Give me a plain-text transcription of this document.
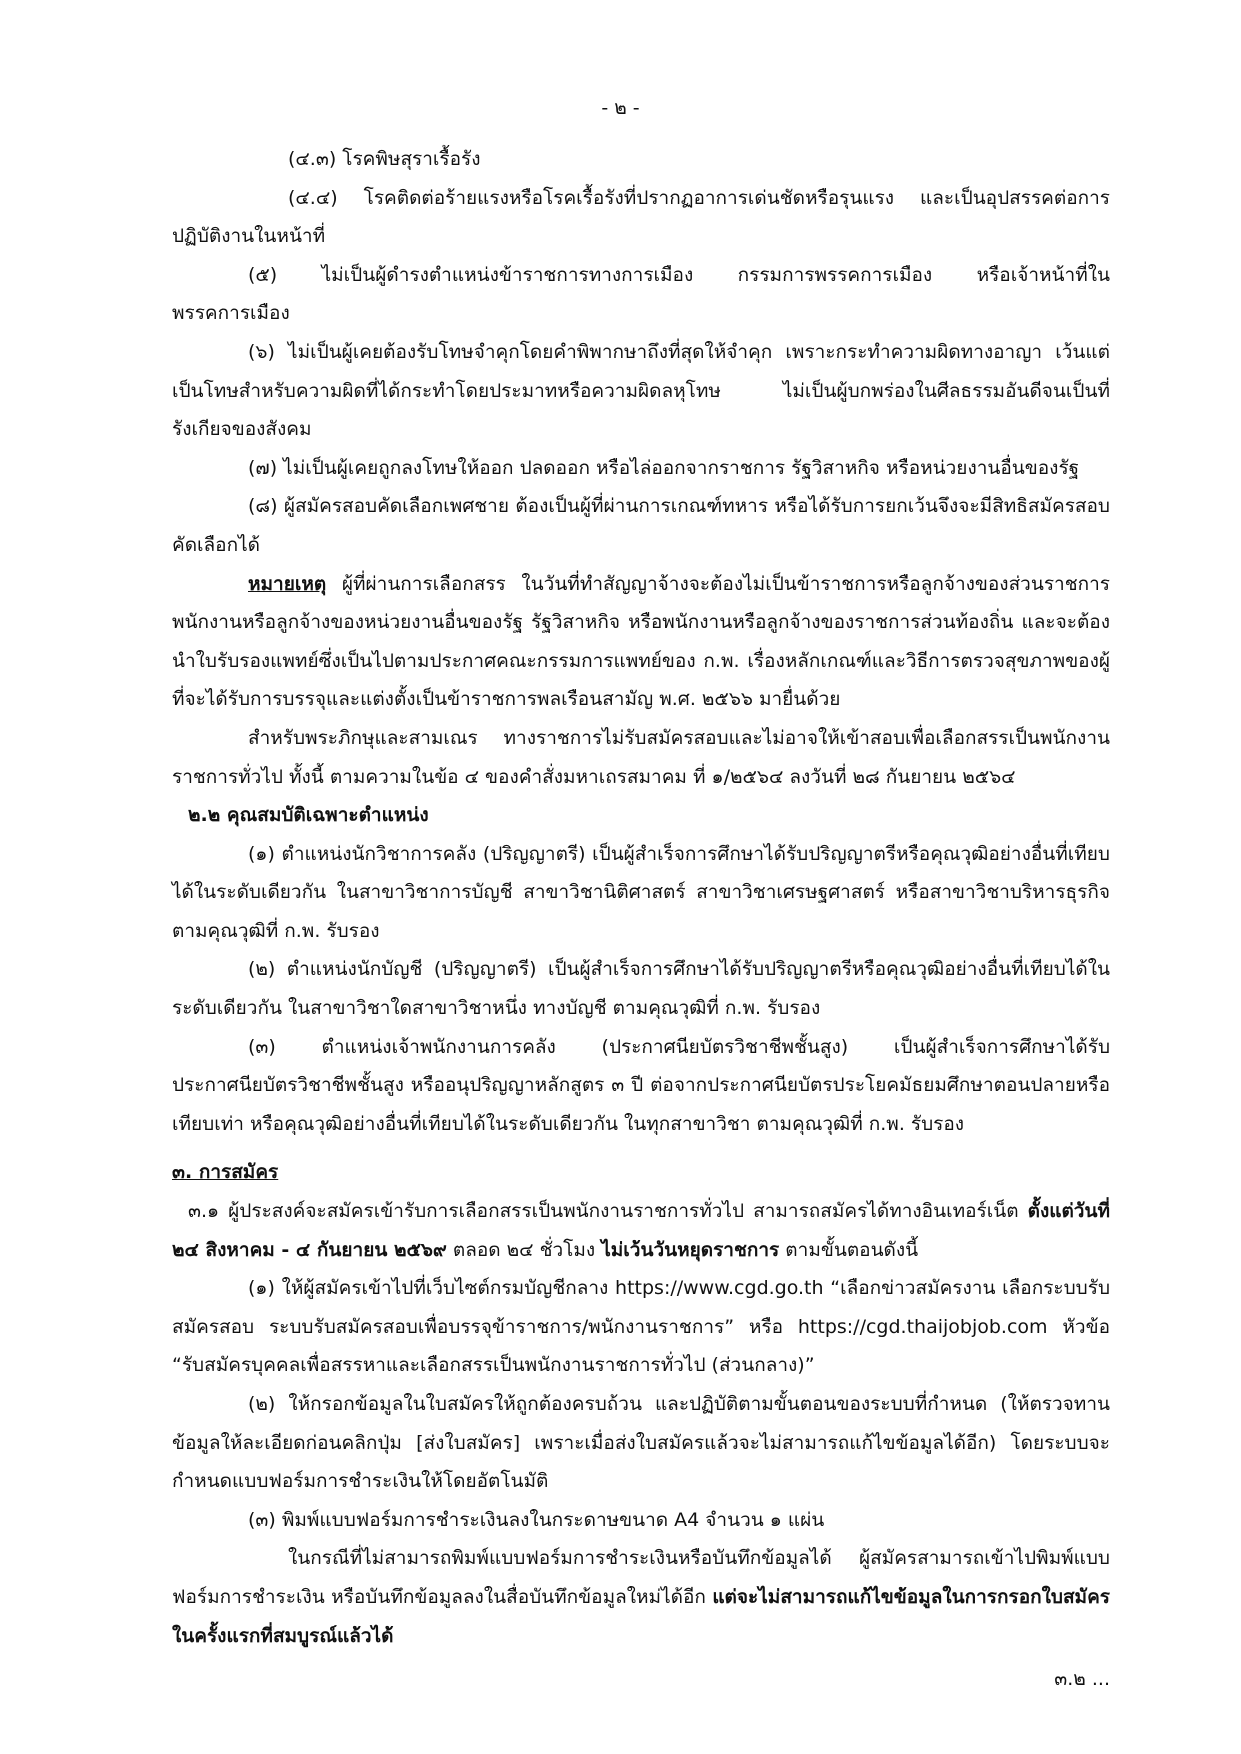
- ๒ -

(๔.๓) โรคพิษสุราเรื้อรัง

(๔.๔) โรคติดต่อร้ายแรงหรือโรคเรื้อรังที่ปรากฏอาการเด่นชัดหรือรุนแรง และเป็นอุปสรรคต่อการปฏิบัติงานในหน้าที่

(๕) ไม่เป็นผู้ดำรงตำแหน่งข้าราชการทางการเมือง กรรมการพรรคการเมือง หรือเจ้าหน้าที่ในพรรคการเมือง

(๖) ไม่เป็นผู้เคยต้องรับโทษจำคุกโดยคำพิพากษาถึงที่สุดให้จำคุก เพราะกระทำความผิดทางอาญา เว้นแต่เป็นโทษสำหรับความผิดที่ได้กระทำโดยประมาทหรือความผิดลหุโทษ ไม่เป็นผู้บกพร่องในศีลธรรมอันดีจนเป็นที่รังเกียจของสังคม

(๗) ไม่เป็นผู้เคยถูกลงโทษให้ออก ปลดออก หรือไล่ออกจากราชการ รัฐวิสาหกิจ หรือหน่วยงานอื่นของรัฐ

(๘) ผู้สมัครสอบคัดเลือกเพศชาย ต้องเป็นผู้ที่ผ่านการเกณฑ์ทหาร หรือได้รับการยกเว้นจึงจะมีสิทธิสมัครสอบคัดเลือกได้

หมายเหตุ ผู้ที่ผ่านการเลือกสรร ในวันที่ทำสัญญาจ้างจะต้องไม่เป็นข้าราชการหรือลูกจ้างของส่วนราชการ พนักงานหรือลูกจ้างของหน่วยงานอื่นของรัฐ รัฐวิสาหกิจ หรือพนักงานหรือลูกจ้างของราชการส่วนท้องถิ่น และจะต้องนำใบรับรองแพทย์ซึ่งเป็นไปตามประกาศคณะกรรมการแพทย์ของ ก.พ. เรื่องหลักเกณฑ์และวิธีการตรวจสุขภาพของผู้ที่จะได้รับการบรรจุและแต่งตั้งเป็นข้าราชการพลเรือนสามัญ พ.ศ. ๒๕๖๖ มายื่นด้วย

สำหรับพระภิกษุและสามเณร ทางราชการไม่รับสมัครสอบและไม่อาจให้เข้าสอบเพื่อเลือกสรรเป็นพนักงานราชการทั่วไป ทั้งนี้ ตามความในข้อ ๔ ของคำสั่งมหาเถรสมาคม ที่ ๑/๒๕๖๔ ลงวันที่ ๒๘ กันยายน ๒๕๖๔

๒.๒ คุณสมบัติเฉพาะตำแหน่ง

(๑) ตำแหน่งนักวิชาการคลัง (ปริญญาตรี) เป็นผู้สำเร็จการศึกษาได้รับปริญญาตรีหรือคุณวุฒิอย่างอื่นที่เทียบได้ในระดับเดียวกัน ในสาขาวิชาการบัญชี สาขาวิชานิติศาสตร์ สาขาวิชาเศรษฐศาสตร์ หรือสาขาวิชาบริหารธุรกิจ ตามคุณวุฒิที่ ก.พ. รับรอง

(๒) ตำแหน่งนักบัญชี (ปริญญาตรี) เป็นผู้สำเร็จการศึกษาได้รับปริญญาตรีหรือคุณวุฒิอย่างอื่นที่เทียบได้ในระดับเดียวกัน ในสาขาวิชาใดสาขาวิชาหนึ่ง ทางบัญชี ตามคุณวุฒิที่ ก.พ. รับรอง

(๓) ตำแหน่งเจ้าพนักงานการคลัง (ประกาศนียบัตรวิชาชีพชั้นสูง) เป็นผู้สำเร็จการศึกษาได้รับประกาศนียบัตรวิชาชีพชั้นสูง หรืออนุปริญญาหลักสูตร ๓ ปี ต่อจากประกาศนียบัตรประโยคมัธยมศึกษาตอนปลายหรือเทียบเท่า หรือคุณวุฒิอย่างอื่นที่เทียบได้ในระดับเดียวกัน ในทุกสาขาวิชา ตามคุณวุฒิที่ ก.พ. รับรอง

๓. การสมัคร

๓.๑ ผู้ประสงค์จะสมัครเข้ารับการเลือกสรรเป็นพนักงานราชการทั่วไป สามารถสมัครได้ทางอินเทอร์เน็ต ตั้งแต่วันที่ ๒๔ สิงหาคม - ๔ กันยายน ๒๕๖๙ ตลอด ๒๔ ชั่วโมง ไม่เว้นวันหยุดราชการ ตามขั้นตอนดังนี้

(๑) ให้ผู้สมัครเข้าไปที่เว็บไซต์กรมบัญชีกลาง https://www.cgd.go.th “เลือกข่าวสมัครงาน เลือกระบบรับสมัครสอบ ระบบรับสมัครสอบเพื่อบรรจุข้าราชการ/พนักงานราชการ” หรือ https://cgd.thaijobjob.com หัวข้อ “รับสมัครบุคคลเพื่อสรรหาและเลือกสรรเป็นพนักงานราชการทั่วไป (ส่วนกลาง)”

(๒) ให้กรอกข้อมูลในใบสมัครให้ถูกต้องครบถ้วน และปฏิบัติตามขั้นตอนของระบบที่กำหนด (ให้ตรวจทานข้อมูลให้ละเอียดก่อนคลิกปุ่ม [ส่งใบสมัคร] เพราะเมื่อส่งใบสมัครแล้วจะไม่สามารถแก้ไขข้อมูลได้อีก) โดยระบบจะกำหนดแบบฟอร์มการชำระเงินให้โดยอัตโนมัติ

(๓) พิมพ์แบบฟอร์มการชำระเงินลงในกระดาษขนาด A4 จำนวน ๑ แผ่น

ในกรณีที่ไม่สามารถพิมพ์แบบฟอร์มการชำระเงินหรือบันทึกข้อมูลได้ ผู้สมัครสามารถเข้าไปพิมพ์แบบฟอร์มการชำระเงิน หรือบันทึกข้อมูลลงในสื่อบันทึกข้อมูลใหม่ได้อีก แต่จะไม่สามารถแก้ไขข้อมูลในการกรอกใบสมัครในครั้งแรกที่สมบูรณ์แล้วได้

๓.๒ ...
